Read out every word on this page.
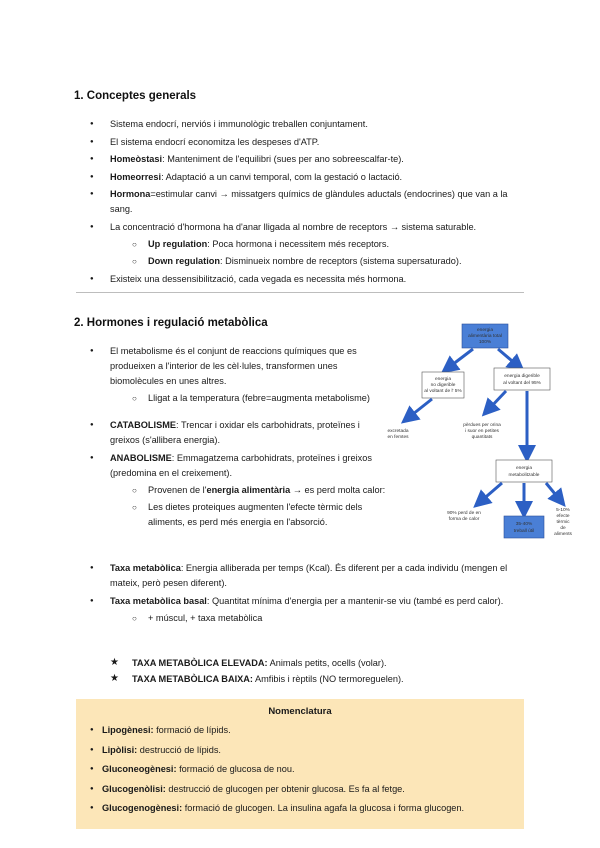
1. Conceptes generals
● Sistema endocrí, nerviós i immunològic treballen conjuntament.
● El sistema endocrí economitza les despeses d'ATP.
● Homeòstasi: Manteniment de l'equilibri (sues per ano sobreescalfar-te).
● Homeorresi: Adaptació a un canvi temporal, com la gestació o lactació.
● Hormona=estimular canvi → missatgers químics de glàndules aductals (endocrines) que van a la sang.
● La concentració d'hormona ha d'anar lligada al nombre de receptors → sistema saturable.
○ Up regulation: Poca hormona i necessitem més receptors.
○ Down regulation: Disminueix nombre de receptors (sistema supersaturado).
● Existeix una dessensibilització, cada vegada es necessita més hormona.
2. Hormones i regulació metabòlica
● El metabolisme és el conjunt de reaccions químiques que es produeixen a l'interior de les cèl·lules, transformen unes biomolècules en unes altres.
○ Lligat a la temperatura (febre=augmenta metabolisme)
● CATABOLISME: Trencar i oxidar els carbohidrats, proteïnes i greixos (s'allibera energia).
● ANABOLISME: Emmagatzema carbohidrats, proteïnes i greixos (predomina en el creixement).
○ Provenen de l'energia alimentària → es perd molta calor:
○ Les dietes proteiques augmenten l'efecte tèrmic dels aliments, es perd més energia en l'absorció.
● Taxa metabòlica: Energia alliberada per temps (Kcal). És diferent per a cada individu (mengen el mateix, però pesen diferent).
● Taxa metabòlica basal: Quantitat mínima d'energia per a mantenir-se viu (també es perd calor).
○ + múscul, + taxa metabòlica
★ TAXA METABÒLICA ELEVADA: Animals petits, ocells (volar).
★ TAXA METABÒLICA BAIXA: Amfibis i rèptils (NO termoreguelen).
energia
alimentària total
100%
energia
no digerible
al voltant de l' 5%
energia digerible
al voltant del 95%
excretada
en femtes
pèrdues per orina
i suor en petites
quantitats
energia
metabolitzable
90% perd de en
forma de calor
35-40%
treball útil
5-10%
efecte
tèrmic
de
aliments
Nomenclatura
● Lipogènesi: formació de lípids.
● Lipòlisi: destrucció de lípids.
● Gluconeogènesi: formació de glucosa de nou.
● Glucogenòlisi: destrucció de glucogen per obtenir glucosa. Es fa al fetge.
● Glucogenogènesi: formació de glucogen. La insulina agafa la glucosa i forma glucogen.
